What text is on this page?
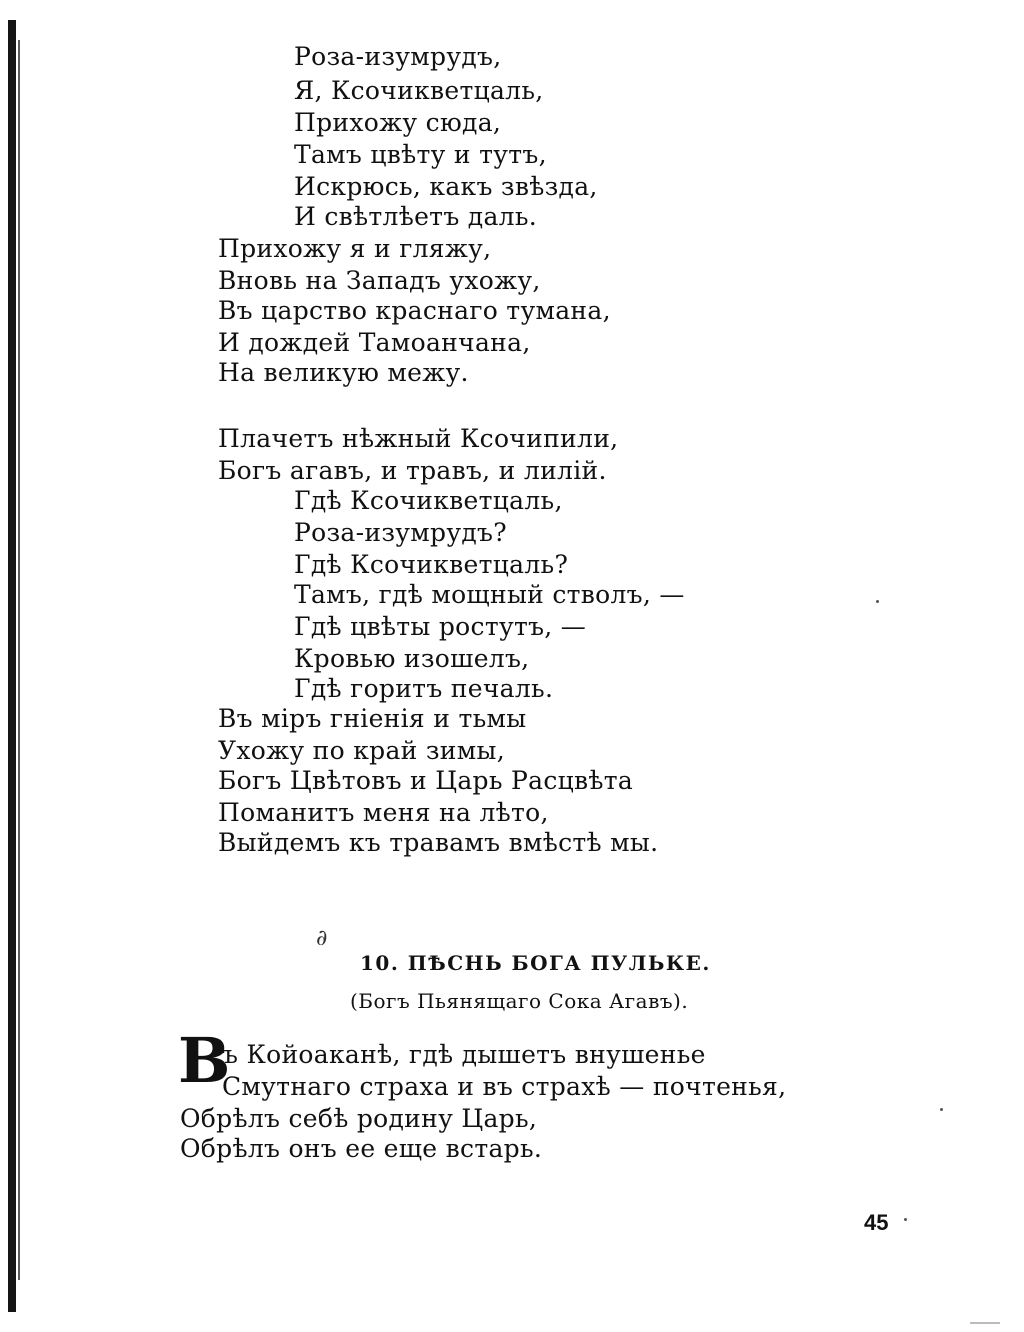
Роза-изумрудъ,
Я, Ксочикветцаль,
Прихожу сюда,
Тамъ цвѣту и тутъ,
Искрюсь, какъ звѣзда,
И свѣтлѣетъ даль.
Прихожу я и гляжу,
Вновь на Западъ ухожу,
Въ царство краснаго тумана,
И дождей Тамоанчана,
На великую межу.
Плачетъ нѣжный Ксочипили,
Богъ агавъ, и травъ, и лилій.
Гдѣ Ксочикветцаль,
Роза-изумрудъ?
Гдѣ Ксочикветцаль?
Тамъ, гдѣ мощный стволъ, —
Гдѣ цвѣты ростутъ, —
Кровью изошелъ,
Гдѣ горитъ печаль.
Въ міръ гніенія и тьмы
Ухожу по край зимы,
Богъ Цвѣтовъ и Царь Расцвѣта
Поманитъ меня на лѣто,
Выйдемъ къ травамъ вмѣстѣ мы.
∂
10. ПѢСНЬ БОГА ПУЛЬКЕ.
(Богъ Пьянящаго Сока Агавъ).
В
ъ Койоаканѣ, гдѣ дышетъ внушенье
Смутнаго страха и въ страхѣ — почтенья,
Обрѣлъ себѣ родину Царь,
Обрѣлъ онъ ее еще встарь.
45
